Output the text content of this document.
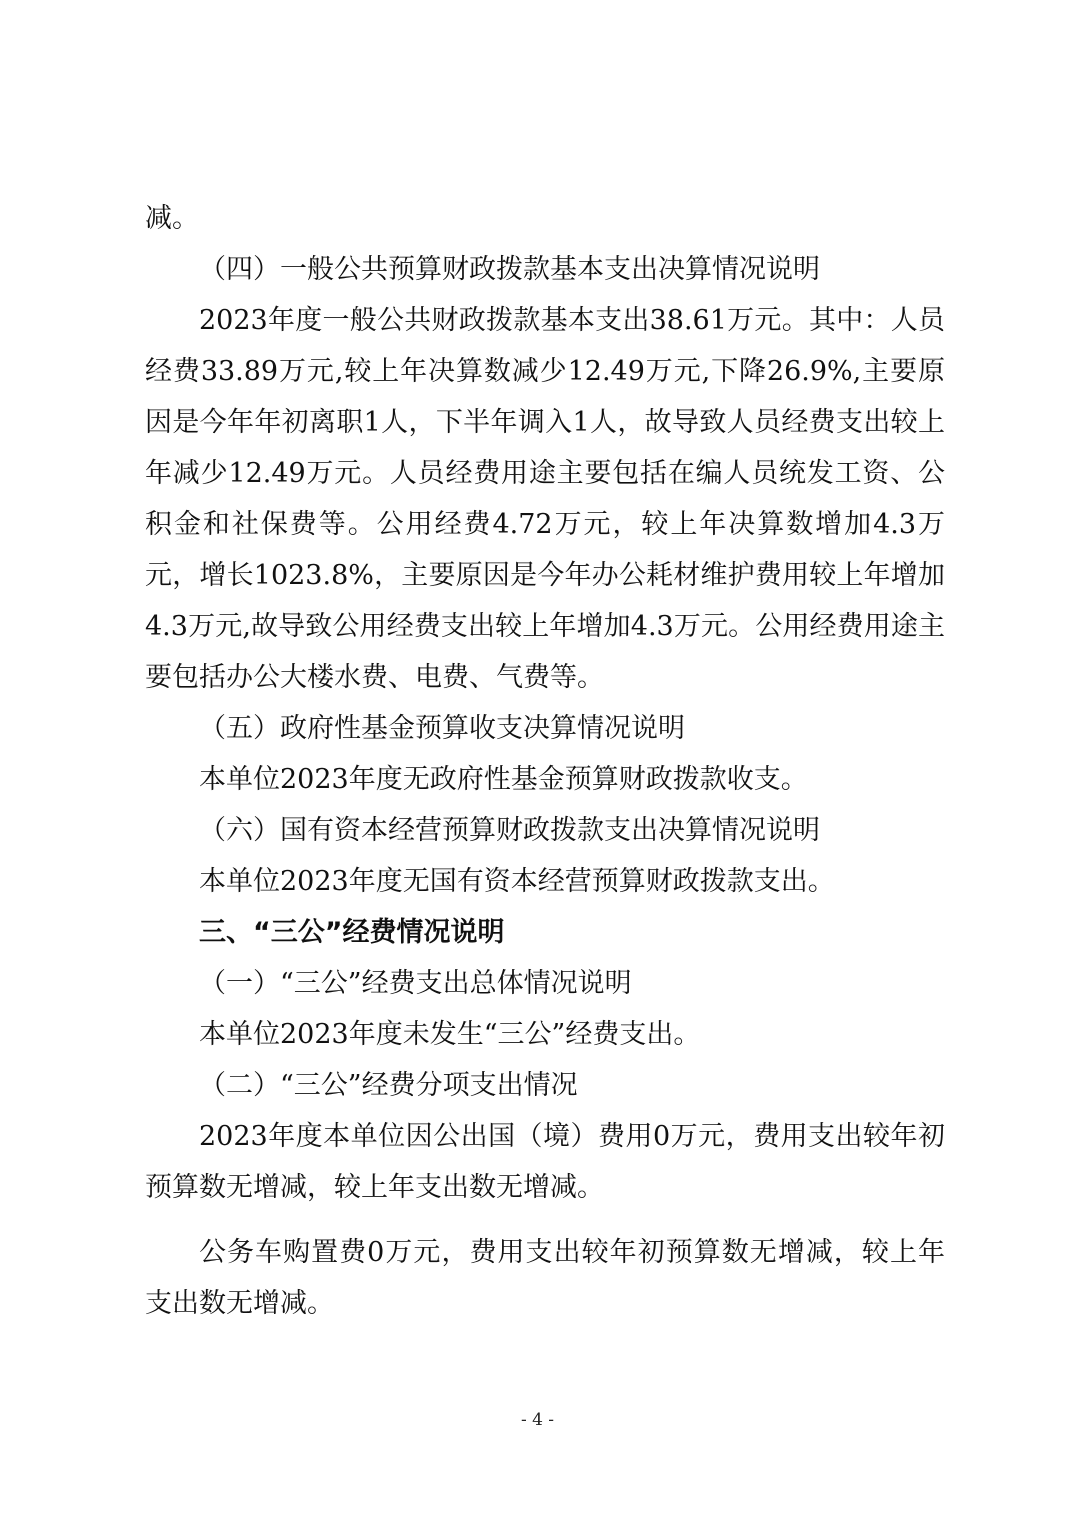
减。

（四）一般公共预算财政拨款基本支出决算情况说明

2023年度一般公共财政拨款基本支出38.61万元。其中：人员经费33.89万元,较上年决算数减少12.49万元,下降26.9%,主要原因是今年年初离职1人，下半年调入1人，故导致人员经费支出较上年减少12.49万元。人员经费用途主要包括在编人员统发工资、公积金和社保费等。公用经费4.72万元，较上年决算数增加4.3万元，增长1023.8%，主要原因是今年办公耗材维护费用较上年增加4.3万元,故导致公用经费支出较上年增加4.3万元。公用经费用途主要包括办公大楼水费、电费、气费等。

（五）政府性基金预算收支决算情况说明

本单位2023年度无政府性基金预算财政拨款收支。

（六）国有资本经营预算财政拨款支出决算情况说明

本单位2023年度无国有资本经营预算财政拨款支出。

三、“三公”经费情况说明

（一）“三公”经费支出总体情况说明

本单位2023年度未发生“三公”经费支出。

（二）“三公”经费分项支出情况

2023年度本单位因公出国（境）费用0万元，费用支出较年初预算数无增减，较上年支出数无增减。

公务车购置费0万元，费用支出较年初预算数无增减，较上年支出数无增减。

- 4 -
